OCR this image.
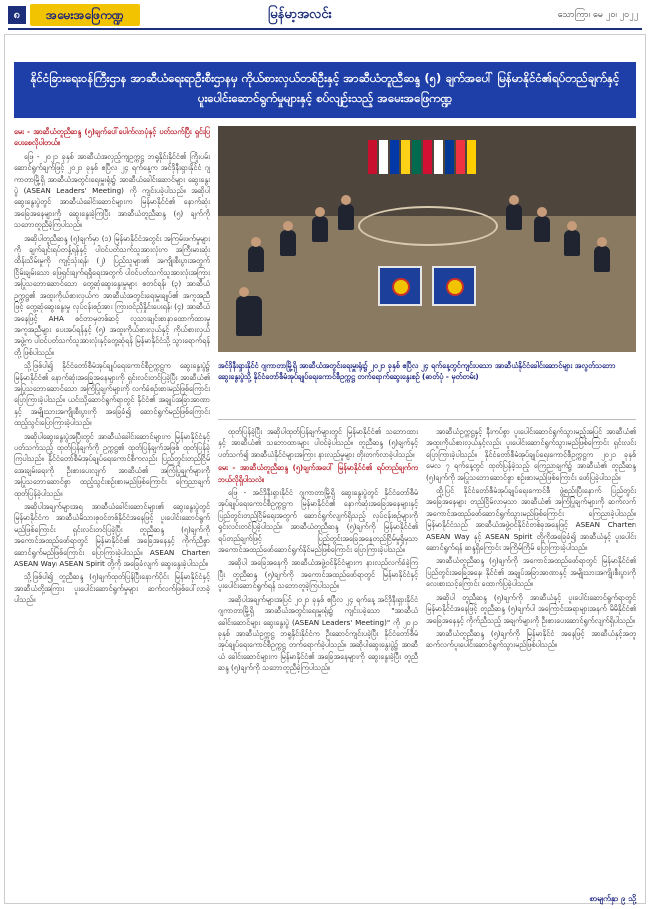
၈	အမေးအဖြေကဏ္ဍ	မြန်မာ့အလင်း	သောကြာ၊ မေ ၂၀၊ ၂၀၂၂
နိုင်ငံခြားရေးဝန်ကြီးဌာန အာဆီယံရေးရာဦးစီးဌာနမှ ကိုယ်စားလှယ်တစ်ဦးနှင့် အာဆီယံတူညီဆန္ဒ (၅) ချက်အပေါ် မြန်မာနိုင်ငံ၏ရပ်တည်ချက်နှင့် ပူးပေါင်းဆောင်ရွက်မှုများနှင့် စပ်လျဉ်းသည့် အမေးအဖြေကဏ္ဍ

မေး - အာဆီယံတူညီဆန္ဒ (၅)ချက်ပေါ်ပေါက်လာပုံနှင့် ပတ်သက်ပြီး ရှင်းပြပေးစေလိုပါတယ်။

ဖြေ - ၂၀၂၁ ခုနှစ် အာဆီယံအလှည့်ကျဥက္ကဋ္ဌ ဘရူနိုင်းနိုင်ငံ၏ ကြိုးပမ်းဆောင်ရွက်ချက်ဖြင့် ၂၀၂၁ ခုနှစ် ဧပြီလ ၂၄ ရက်နေ့က အင်ဒိုနီးရှားနိုင်ငံ ဂျကာတာမြို့ရှိ အာဆီယံအတွင်းရေးမှူးရုံး၌ အာဆီယံခေါင်းဆောင်များ ဆွေးနွေးပွဲ (ASEAN Leaders' Meeting) ကို ကျင်းပခဲ့ပါသည်။ အဆိုပါဆွေးနွေးပွဲတွင် အာဆီယံခေါင်းဆောင်များက မြန်မာနိုင်ငံ၏ နောက်ဆုံးအခြေအနေများကို ဆွေးနွေးခဲ့ကြပြီး အာဆီယံတူညီဆန္ဒ (၅) ချက်ကို သဘောတူညီခဲ့ကြပါသည်။

အဆိုပါတူညီဆန္ဒ (၅)ချက်မှာ (၁) မြန်မာနိုင်ငံအတွင်း အကြမ်းဖက်မှုများကို ချက်ချင်းရပ်တန့်ရန်နှင့် ပါဝင်ပတ်သက်သူအားလုံးက အကြီးမားဆုံး ထိန်းသိမ်းမှုကို ကျင့်သုံးရန်၊ (၂) ပြည်သူများ၏ အကျိုးစီးပွားအတွက် ငြိမ်းချမ်းသော ဖြေရှင်းချက်ရရှိရေးအတွက် ပါဝင်ပတ်သက်သူအားလုံးအကြား အပြုသဘောဆောင်သော တွေ့ဆုံဆွေးနွေးမှုများ စတင်ရန်၊ (၃) အာဆီယံဥက္ကဋ္ဌ၏ အထူးကိုယ်စားလှယ်က အာဆီယံအတွင်းရေးမှူးချုပ်၏ အကူအညီဖြင့် တွေ့ဆုံဆွေးနွေးမှု လုပ်ငန်းစဉ်အား ကြားဝင်ညှိနှိုင်းပေးရန်၊ (၄) အာဆီယံအနေဖြင့် AHA စင်တာမှတစ်ဆင့် လူသားချင်းစာနာထောက်ထားမှု အကူအညီများ ပေးအပ်ရန်နှင့် (၅) အထူးကိုယ်စားလှယ်နှင့် ကိုယ်စားလှယ်အဖွဲ့က ပါဝင်ပတ်သက်သူအားလုံးနှင့်တွေ့ဆုံရန် မြန်မာနိုင်ငံသို့ သွားရောက်ရန်တို့ ဖြစ်ပါသည်။

သို့ဖြစ်ပါ၍ နိုင်ငံတော်စီမံအုပ်ချုပ်ရေးကောင်စီဥက္ကဋ္ဌက ဆွေးနွေးပွဲ၌ မြန်မာနိုင်ငံ၏ နောက်ဆုံးအခြေအနေများကို ရှင်းလင်းတင်ပြခဲ့ပြီး အာဆီယံ၏ အပြုသဘောဆောင်သော အကြံပြုချက်များကို လက်ခံစဉ်းစားမည်ဖြစ်ကြောင်း ပြောကြားခဲ့ပါသည်။ ယင်းသို့ဆောင်ရွက်ရာတွင် နိုင်ငံ၏ အချုပ်အခြာအာဏာနှင့် အမျိုးသားအကျိုးစီးပွားကို အခြေခံ၍ ဆောင်ရွက်မည်ဖြစ်ကြောင်း ထည့်သွင်းပြောကြားခဲ့ပါသည်။

အဆိုပါဆွေးနွေးပွဲအပြီးတွင် အာဆီယံခေါင်းဆောင်များက မြန်မာနိုင်ငံနှင့် ပတ်သက်သည့် ထုတ်ပြန်ချက်ကို ဥက္ကဋ္ဌ၏ ထုတ်ပြန်ချက်အဖြစ် ထုတ်ပြန်ခဲ့ကြပါသည်။ နိုင်ငံတော်စီမံအုပ်ချုပ်ရေးကောင်စီကလည်း ပြည်တွင်းတည်ငြိမ်အေးချမ်းရေးကို ဦးစားပေးလျက် အာဆီယံ၏ အကြံပြုချက်များကို အပြုသဘောဆောင်စွာ ထည့်သွင်းစဉ်းစားမည်ဖြစ်ကြောင်း ကြေညာချက်ထုတ်ပြန်ခဲ့ပါသည်။

အဆိုပါအချက်များအရ အာဆီယံခေါင်းဆောင်များ၏ ဆွေးနွေးပွဲတွင် မြန်မာနိုင်ငံက အာဆီယံမိသားစုဝင်တစ်နိုင်ငံအနေဖြင့် ပူးပေါင်းဆောင်ရွက်မည်ဖြစ်ကြောင်း ရှင်းလင်းတင်ပြခဲ့ပြီး တူညီဆန္ဒ (၅)ချက်ကို အကောင်အထည်ဖော်ရာတွင် မြန်မာနိုင်ငံ၏ အခြေအနေနှင့် ကိုက်ညီစွာ ဆောင်ရွက်မည်ဖြစ်ကြောင်း ပြောကြားခဲ့ပါသည်။ ASEAN Charter၊ ASEAN Way၊ ASEAN Spirit တို့ကို အခြေခံလျက် ဆွေးနွေးခဲ့ပါသည်။

သို့ဖြစ်ပါ၍ တူညီဆန္ဒ (၅)ချက်ထုတ်ပြန်ပြီးနောက်ပိုင်း မြန်မာနိုင်ငံနှင့် အာဆီယံတို့အကြား ပူးပေါင်းဆောင်ရွက်မှုများ ဆက်လက်ဖြစ်ပေါ်လာခဲ့ပါသည်။

အင်ဒိုနီးရှားနိုင်ငံ ဂျကာတာမြို့ရှိ အာဆီယံအတွင်းရေးမှူးရုံး၌ ၂၀၂၁ ခုနှစ် ဧပြီလ ၂၄ ရက်နေ့တွင်ကျင်းပသော အာဆီယံနိုင်ငံခေါင်းဆောင်များ အလွတ်သဘောဆွေးနွေးပွဲသို့ နိုင်ငံတော်စီမံအုပ်ချုပ်ရေးကောင်စီဥက္ကဋ္ဌ တက်ရောက်ဆွေးနွေးစဉ် (ဓာတ်ပုံ - မှတ်တမ်း)

ထုတ်ပြန်ခဲ့ပြီး အဆိုပါထုတ်ပြန်ချက်များတွင် မြန်မာနိုင်ငံ၏ သဘောထားနှင့် အာဆီယံ၏ သဘောထားများ ပါဝင်ခဲ့ပါသည်။ တူညီဆန္ဒ (၅)ချက်နှင့်ပတ်သက်၍ အာဆီယံနိုင်ငံများအကြား နားလည်မှုများ တိုးတက်လာခဲ့ပါသည်။

မေး - အာဆီယံတူညီဆန္ဒ (၅)ချက်အပေါ် မြန်မာနိုင်ငံ၏ ရပ်တည်ချက်ကဘယ်လိုရှိပါသလဲ။

ဖြေ - အင်ဒိုနီးရှားနိုင်ငံ ဂျကာတာမြို့ရှိ ဆွေးနွေးပွဲတွင် နိုင်ငံတော်စီမံအုပ်ချုပ်ရေးကောင်စီဥက္ကဋ္ဌက မြန်မာနိုင်ငံ၏ နောက်ဆုံးအခြေအနေများနှင့် ပြည်တွင်းတည်ငြိမ်ရေးအတွက် ဆောင်ရွက်လျက်ရှိသည့် လုပ်ငန်းစဉ်များကို ရှင်းလင်းတင်ပြခဲ့ပါသည်။ အာဆီယံတူညီဆန္ဒ (၅)ချက်ကို မြန်မာနိုင်ငံ၏ ရပ်တည်ချက်ဖြင့် ပြည်တွင်းအခြေအနေတည်ငြိမ်မှုရှိမှသာ အကောင်အထည်ဖော်ဆောင်ရွက်နိုင်မည်ဖြစ်ကြောင်း ပြောကြားခဲ့ပါသည်။

အဆိုပါ အခြေအနေကို အာဆီယံအဖွဲ့ဝင်နိုင်ငံများက နားလည်လက်ခံခဲ့ကြပြီး တူညီဆန္ဒ (၅)ချက်ကို အကောင်အထည်ဖော်ရာတွင် မြန်မာနိုင်ငံနှင့် ပူးပေါင်းဆောင်ရွက်ရန် သဘောတူခဲ့ကြပါသည်။

အဆိုပါအချက်များအပြင် ၂၀၂၁ ခုနှစ် ဧပြီလ ၂၄ ရက်နေ့ အင်ဒိုနီးရှားနိုင်ငံ ဂျကာတာမြို့ရှိ အာဆီယံအတွင်းရေးမှူးရုံး၌ ကျင်းပခဲ့သော "အာဆီယံခေါင်းဆောင်များ ဆွေးနွေးပွဲ (ASEAN Leaders' Meeting)" ကို ၂၀၂၁ ခုနှစ် အာဆီယံဥက္ကဋ္ဌ ဘရူနိုင်းနိုင်ငံက ဦးဆောင်ကျင်းပခဲ့ပြီး နိုင်ငံတော်စီမံအုပ်ချုပ်ရေးကောင်စီဥက္ကဋ္ဌ တက်ရောက်ခဲ့ပါသည်။ အဆိုပါဆွေးနွေးပွဲ၌ အာဆီယံ ခေါင်းဆောင်များက မြန်မာနိုင်ငံ၏ အခြေအနေများကို ဆွေးနွေးခဲ့ပြီး တူညီဆန္ဒ (၅)ချက်ကို သဘောတူညီခဲ့ကြပါသည်။

အာဆီယံဥက္ကဋ္ဌနှင့် နီးကပ်စွာ ပူးပေါင်းဆောင်ရွက်သွားမည့်အပြင် အာဆီယံ၏ အထူးကိုယ်စားလှယ်နှင့်လည်း ပူးပေါင်းဆောင်ရွက်သွားမည်ဖြစ်ကြောင်း ရှင်းလင်းပြောကြားခဲ့ပါသည်။ နိုင်ငံတော်စီမံအုပ်ချုပ်ရေးကောင်စီဥက္ကဋ္ဌက ၂၀၂၁ ခုနှစ် မေလ ၇ ရက်နေ့တွင် ထုတ်ပြန်ခဲ့သည့် ကြေညာချက်၌ အာဆီယံ၏ တူညီဆန္ဒ (၅)ချက်ကို အပြုသဘောဆောင်စွာ စဉ်းစားမည်ဖြစ်ကြောင်း ဖော်ပြခဲ့ပါသည်။

ထို့ပြင် နိုင်ငံတော်စီမံအုပ်ချုပ်ရေးကောင်စီ ဖွဲ့စည်းပြီးနောက် ပြည်တွင်းအခြေအနေများ တည်ငြိမ်လာမှသာ အာဆီယံ၏ အကြံပြုချက်များကို ဆက်လက်အကောင်အထည်ဖော်ဆောင်ရွက်သွားမည်ဖြစ်ကြောင်း ကြေညာခဲ့ပါသည်။ မြန်မာနိုင်ငံသည် အာဆီယံအဖွဲ့ဝင်နိုင်ငံတစ်ခုအနေဖြင့် ASEAN Charter၊ ASEAN Way နှင့် ASEAN Spirit တို့ကိုအခြေခံ၍ အာဆီယံနှင့် ပူးပေါင်းဆောင်ရွက်ရန် ဆန္ဒရှိကြောင်း အကြိမ်ကြိမ် ပြောကြားခဲ့ပါသည်။

အာဆီယံတူညီဆန္ဒ (၅)ချက်ကို အကောင်အထည်ဖော်ရာတွင် မြန်မာနိုင်ငံ၏ ပြည်တွင်းအခြေအနေ၊ နိုင်ငံ၏ အချုပ်အခြာအာဏာနှင့် အမျိုးသားအကျိုးစီးပွားကို လေးစားသင့်ကြောင်း ထောက်ပြခဲ့ပါသည်။

အဆိုပါ တူညီဆန္ဒ (၅)ချက်ကို အာဆီယံနှင့် ပူးပေါင်းဆောင်ရွက်ရာတွင် မြန်မာနိုင်ငံအနေဖြင့် တူညီဆန္ဒ (၅)ချက်ပါ အကြောင်းအရာများအနက် မိမိနိုင်ငံ၏ အခြေအနေနှင့် ကိုက်ညီသည့် အချက်များကို ဦးစားပေးဆောင်ရွက်လျက်ရှိပါသည်။

အာဆီယံတူညီဆန္ဒ (၅)ချက်ကို မြန်မာနိုင်ငံ အနေဖြင့် အာဆီယံနှင့်အတူ ဆက်လက်ပူးပေါင်းဆောင်ရွက်သွားမည်ဖြစ်ပါသည်။

စာမျက်နှာ ၉ သို့
